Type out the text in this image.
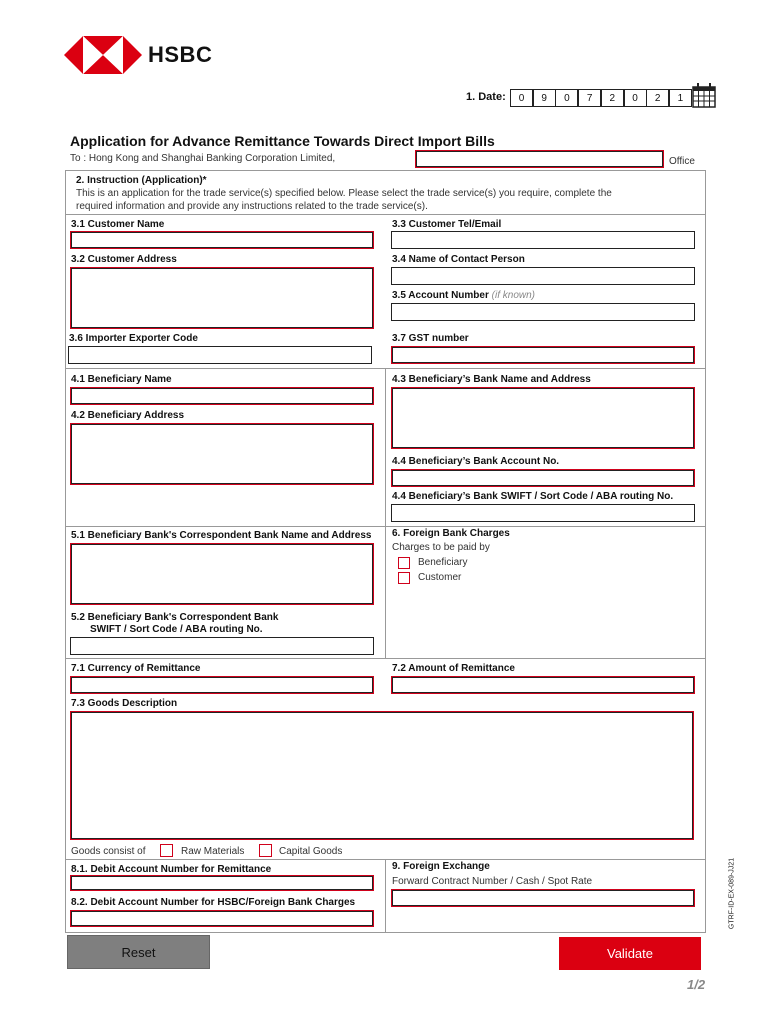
HSBC
1. Date:	0	9	0	7	2	0	2	1
Application for Advance Remittance Towards Direct Import Bills
To : Hong Kong and Shanghai Banking Corporation Limited,	Office
2. Instruction (Application)*
This is an application for the trade service(s) specified below. Please select the trade service(s) you require, complete the
required information and provide any instructions related to the trade service(s).
3.1 Customer Name	3.3 Customer Tel/Email
3.2 Customer Address	3.4 Name of Contact Person
3.5 Account Number (if known)
3.6 Importer Exporter Code	3.7 GST number
4.1 Beneficiary Name	4.3 Beneficiary’s Bank Name and Address
4.2 Beneficiary Address
4.4 Beneficiary’s Bank Account No.
4.4 Beneficiary’s Bank SWIFT / Sort Code / ABA routing No.
5.1 Beneficiary Bank's Correspondent Bank Name and Address
5.2 Beneficiary Bank's Correspondent Bank
SWIFT / Sort Code / ABA routing No.
6. Foreign Bank Charges
Charges to be paid by
Beneficiary
Customer
7.1 Currency of Remittance	7.2 Amount of Remittance
7.3 Goods Description
Goods consist of	Raw Materials	Capital Goods
8.1. Debit Account Number for Remittance
8.2. Debit Account Number for HSBC/Foreign Bank Charges
9. Foreign Exchange
Forward Contract Number / Cash / Spot Rate	GTRF-ID-EX-089-JJ21
Reset	Validate
1/2
